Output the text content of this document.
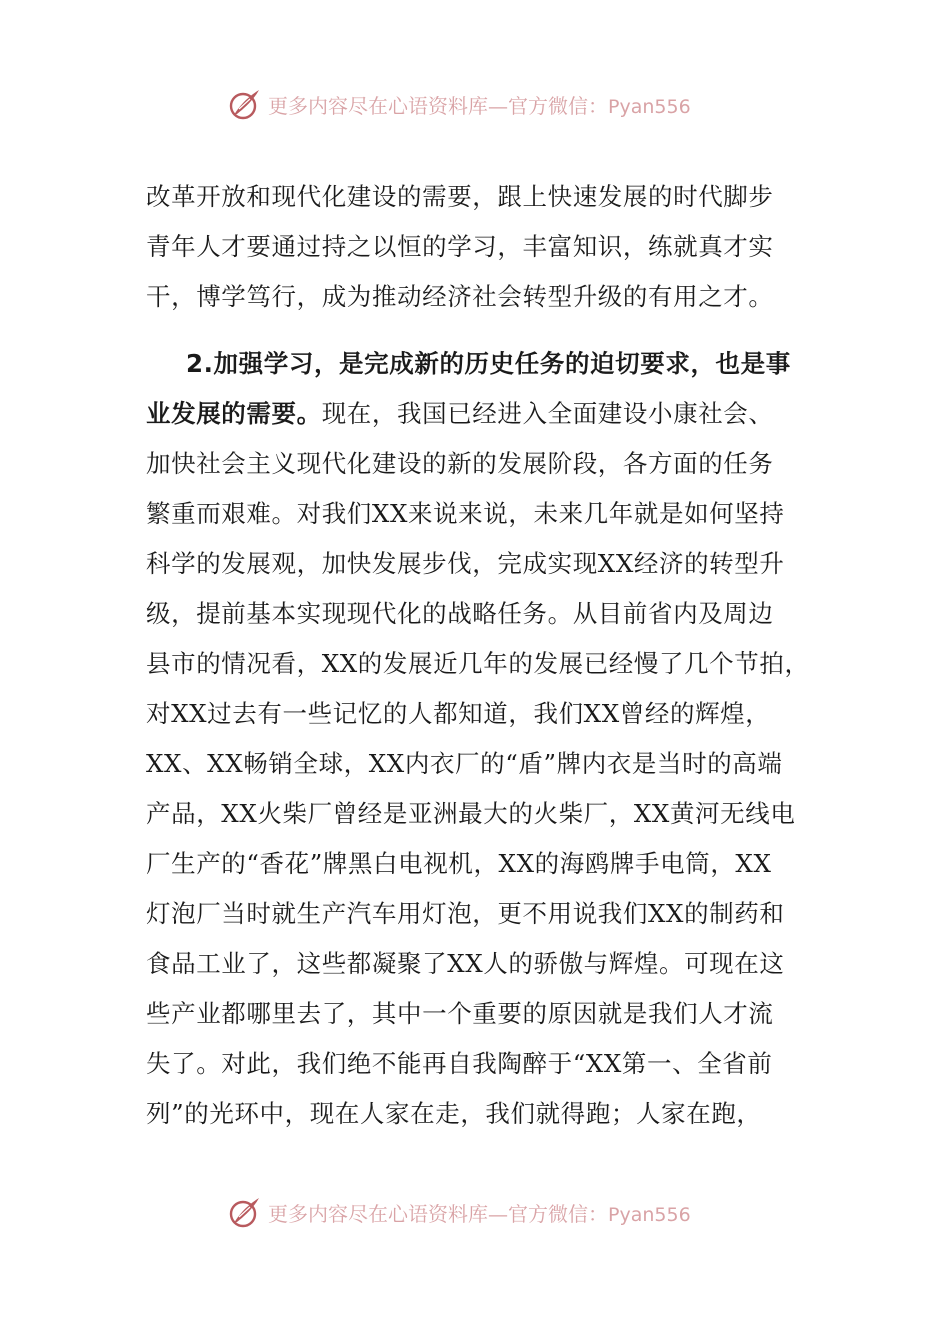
更多内容尽在心语资料库—官方微信：Pyan556
改革开放和现代化建设的需要，跟上快速发展的时代脚步
青年人才要通过持之以恒的学习，丰富知识，练就真才实
干，博学笃行，成为推动经济社会转型升级的有用之才。
2.加强学习，是完成新的历史任务的迫切要求，也是事
业发展的需要。现在，我国已经进入全面建设小康社会、
加快社会主义现代化建设的新的发展阶段，各方面的任务
繁重而艰难。对我们XX来说来说，未来几年就是如何坚持
科学的发展观，加快发展步伐，完成实现XX经济的转型升
级，提前基本实现现代化的战略任务。从目前省内及周边
县市的情况看，XX的发展近几年的发展已经慢了几个节拍，
对XX过去有一些记忆的人都知道，我们XX曾经的辉煌，
XX、XX畅销全球，XX内衣厂的“盾”牌内衣是当时的高端
产品，XX火柴厂曾经是亚洲最大的火柴厂，XX黄河无线电
厂生产的“香花”牌黑白电视机，XX的海鸥牌手电筒，XX
灯泡厂当时就生产汽车用灯泡，更不用说我们XX的制药和
食品工业了，这些都凝聚了XX人的骄傲与辉煌。可现在这
些产业都哪里去了，其中一个重要的原因就是我们人才流
失了。对此，我们绝不能再自我陶醉于“XX第一、全省前
列”的光环中，现在人家在走，我们就得跑；人家在跑，
更多内容尽在心语资料库—官方微信：Pyan556
